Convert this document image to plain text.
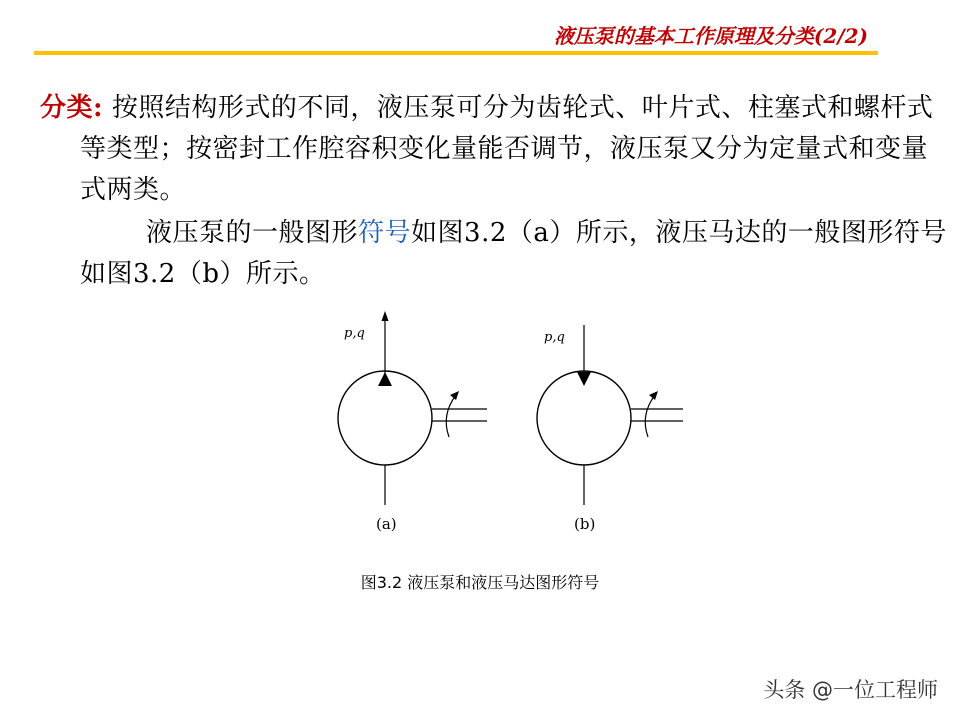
液压泵的基本工作原理及分类(2/2)

分类: 按照结构形式的不同，液压泵可分为齿轮式、叶片式、柱塞式和螺杆式等类型；按密封工作腔容积变化量能否调节，液压泵又分为定量式和变量式两类。

液压泵的一般图形符号如图3.2（a）所示，液压马达的一般图形符号如图3.2（b）所示。

p,q
(a)
p,q
(b)
图3.2 液压泵和液压马达图形符号
头条 @一位工程师
